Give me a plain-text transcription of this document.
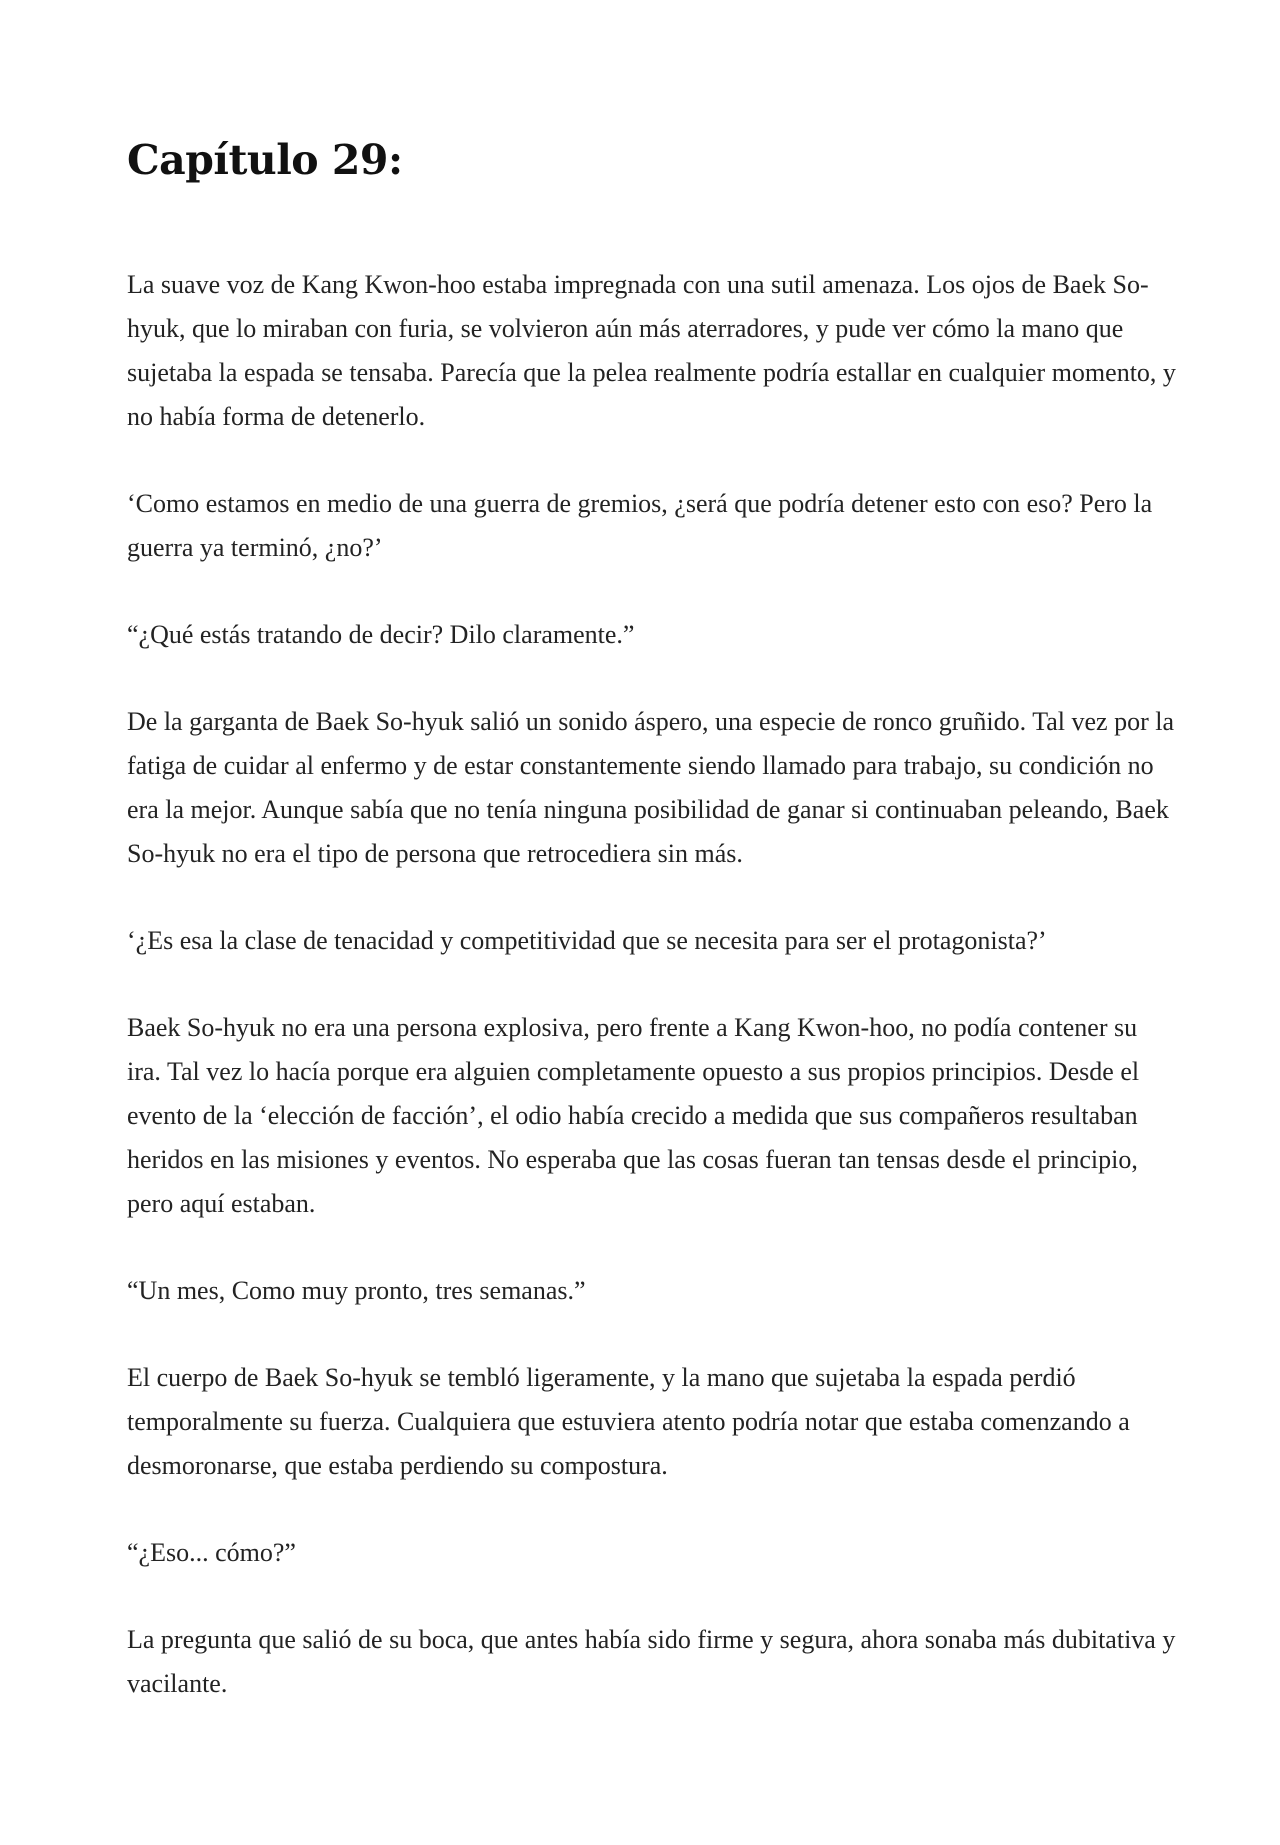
Capítulo 29:

La suave voz de Kang Kwon-hoo estaba impregnada con una sutil amenaza. Los ojos de Baek So-hyuk, que lo miraban con furia, se volvieron aún más aterradores, y pude ver cómo la mano que sujetaba la espada se tensaba. Parecía que la pelea realmente podría estallar en cualquier momento, y no había forma de detenerlo.

‘Como estamos en medio de una guerra de gremios, ¿será que podría detener esto con eso? Pero la guerra ya terminó, ¿no?’

“¿Qué estás tratando de decir? Dilo claramente.”

De la garganta de Baek So-hyuk salió un sonido áspero, una especie de ronco gruñido. Tal vez por la fatiga de cuidar al enfermo y de estar constantemente siendo llamado para trabajo, su condición no era la mejor. Aunque sabía que no tenía ninguna posibilidad de ganar si continuaban peleando, Baek So-hyuk no era el tipo de persona que retrocediera sin más.

‘¿Es esa la clase de tenacidad y competitividad que se necesita para ser el protagonista?’

Baek So-hyuk no era una persona explosiva, pero frente a Kang Kwon-hoo, no podía contener su ira. Tal vez lo hacía porque era alguien completamente opuesto a sus propios principios. Desde el evento de la ‘elección de facción’, el odio había crecido a medida que sus compañeros resultaban heridos en las misiones y eventos. No esperaba que las cosas fueran tan tensas desde el principio, pero aquí estaban.

“Un mes, Como muy pronto, tres semanas.”

El cuerpo de Baek So-hyuk se tembló ligeramente, y la mano que sujetaba la espada perdió temporalmente su fuerza. Cualquiera que estuviera atento podría notar que estaba comenzando a desmoronarse, que estaba perdiendo su compostura.

“¿Eso... cómo?”

La pregunta que salió de su boca, que antes había sido firme y segura, ahora sonaba más dubitativa y vacilante.
